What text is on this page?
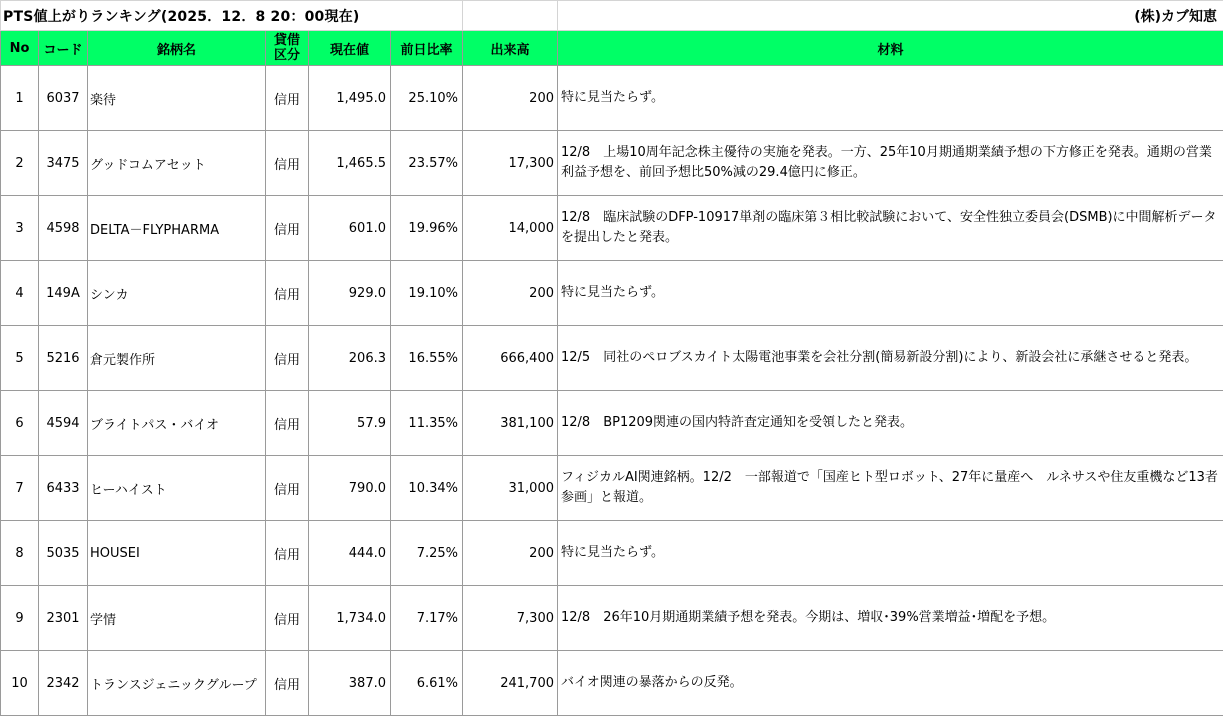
PTS値上がりランキング(2025．12．8 20：00現在)							(株)カブ知恵
No	コード	銘柄名	貸借区分	現在値	前日比率	出来高	材料
1	6037	楽待	信用	1,495.0	25.10%	200	特に見当たらず。
2	3475	グッドコムアセット	信用	1,465.5	23.57%	17,300	12/8　上場10周年記念株主優待の実施を発表。一方、25年10月期通期業績予想の下方修正を発表。通期の営業利益予想を、前回予想比50%減の29.4億円に修正。
3	4598	DELTA－FLYPHARMA	信用	601.0	19.96%	14,000	12/8　臨床試験のDFP-10917単剤の臨床第３相比較試験において、安全性独立委員会(DSMB)に中間解析データを提出したと発表。
4	149A	シンカ	信用	929.0	19.10%	200	特に見当たらず。
5	5216	倉元製作所	信用	206.3	16.55%	666,400	12/5　同社のペロブスカイト太陽電池事業を会社分割(簡易新設分割)により、新設会社に承継させると発表。
6	4594	ブライトパス・バイオ	信用	57.9	11.35%	381,100	12/8　BP1209関連の国内特許査定通知を受領したと発表。
7	6433	ヒーハイスト	信用	790.0	10.34%	31,000	フィジカルAI関連銘柄。12/2　一部報道で「国産ヒト型ロボット、27年に量産へ　ルネサスや住友重機など13者参画」と報道。
8	5035	HOUSEI	信用	444.0	7.25%	200	特に見当たらず。
9	2301	学情	信用	1,734.0	7.17%	7,300	12/8　26年10月期通期業績予想を発表。今期は、増収･39%営業増益･増配を予想。
10	2342	トランスジェニックグループ	信用	387.0	6.61%	241,700	バイオ関連の暴落からの反発。
